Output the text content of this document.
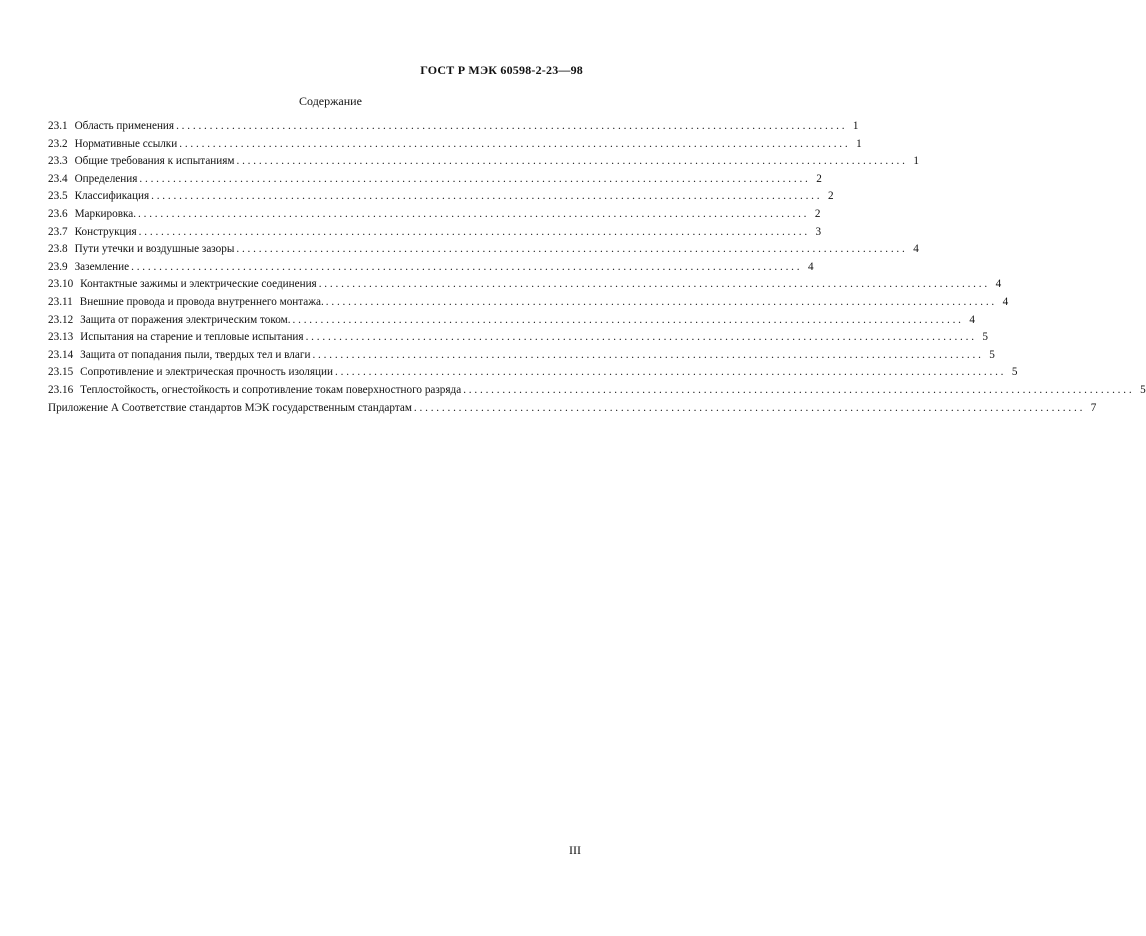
ГОСТ Р МЭК 60598-2-23—98
Содержание
23.1 Область применения . . .	1
23.2 Нормативные ссылки . . .	1
23.3 Общие требования к испытаниям . . .	1
23.4 Определения . . .	2
23.5 Классификация . . .	2
23.6 Маркировка. . . .	2
23.7 Конструкция . . .	3
23.8 Пути утечки и воздушные зазоры . . .	4
23.9 Заземление . . .	4
23.10 Контактные зажимы и электрические соединения . . .	4
23.11 Внешние провода и провода внутреннего монтажа. . . .	4
23.12 Защита от поражения электрическим током. . . .	4
23.13 Испытания на старение и тепловые испытания . . .	5
23.14 Защита от попадания пыли, твердых тел и влаги . . .	5
23.15 Сопротивление и электрическая прочность изоляции . . .	5
23.16 Теплостойкость, огнестойкость и сопротивление токам поверхностного разряда . . .	5
Приложение А Соответствие стандартов МЭК государственным стандартам . . .	7
III
